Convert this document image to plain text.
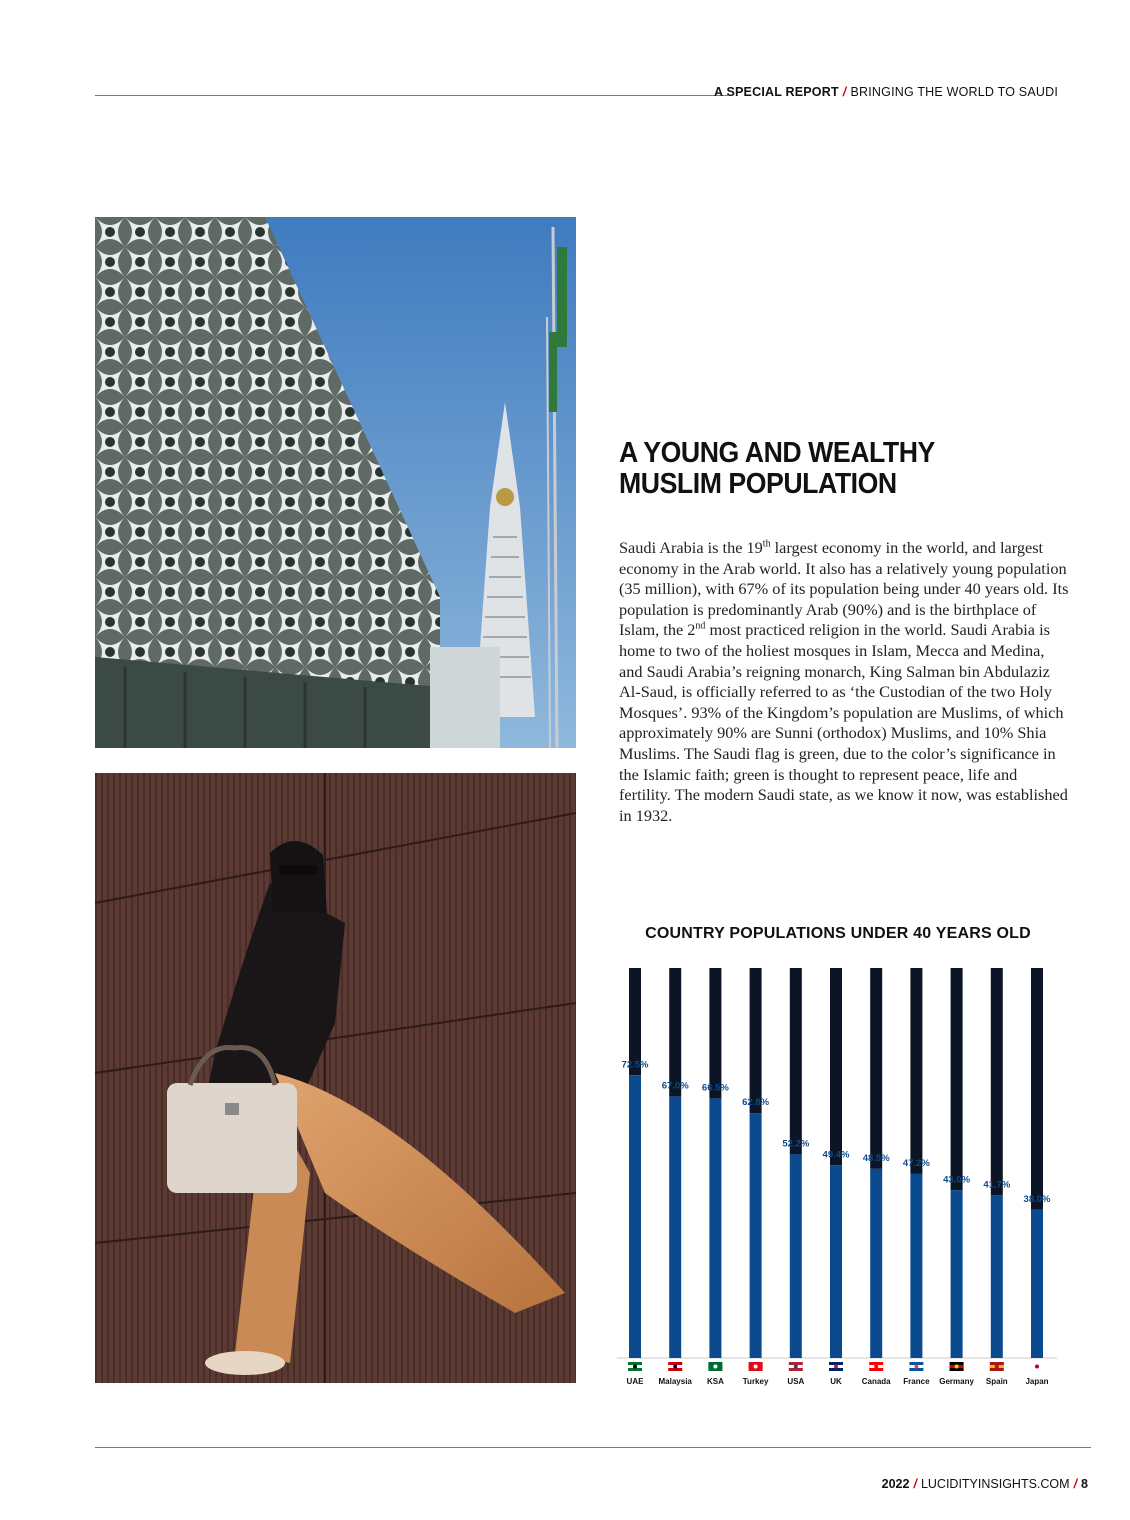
A SPECIAL REPORT / BRINGING THE WORLD TO SAUDI
A YOUNG AND WEALTHY MUSLIM POPULATION

Saudi Arabia is the 19th largest economy in the world, and largest economy in the Arab world. It also has a relatively young population (35 million), with 67% of its population being under 40 years old. Its population is predominantly Arab (90%) and is the birthplace of Islam, the 2nd most practiced religion in the world. Saudi Arabia is home to two of the holiest mosques in Islam, Mecca and Medina, and Saudi Arabia’s reigning monarch, King Salman bin Abdulaziz Al-Saud, is officially referred to as ‘the Custodian of the two Holy Mosques’. 93% of the Kingdom’s population are Muslims, of which approximately 90% are Sunni (orthodox) Muslims, and 10% Shia Muslims. The Saudi flag is green, due to the color’s significance in the Islamic faith; green is thought to represent peace, life and fertility. The modern Saudi state, as we know it now, was established in 1932.

COUNTRY POPULATIONS UNDER 40 YEARS OLD
72.5%
UAE
67.0%
Malaysia
66.5%
KSA
62.8%
Turkey
52.2%
USA
49.4%
UK
48.5%
Canada
47.2%
France
43.0%
Germany
41.7%
Spain
38.0%
Japan
2022 / LUCIDITYINSIGHTS.COM / 8
